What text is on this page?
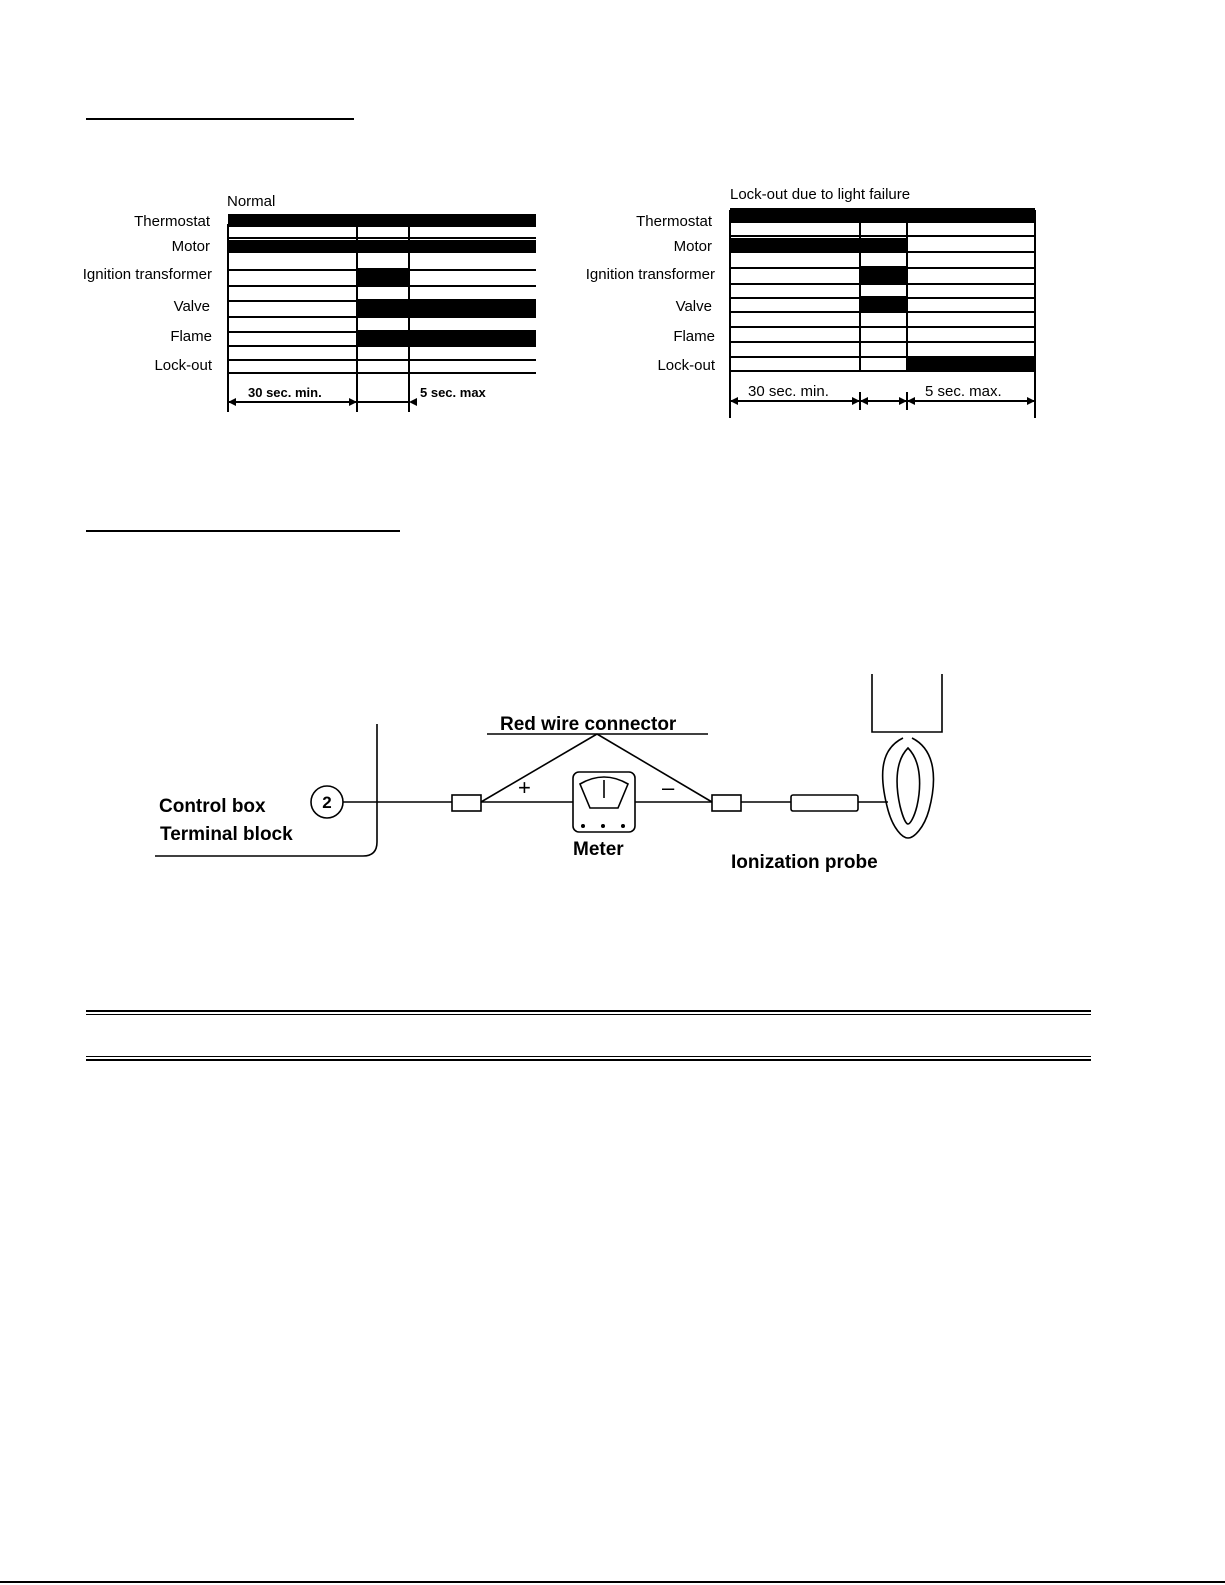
Normal
Thermostat
Motor
Ignition transformer
Valve
Flame
Lock-out
30 sec. min.	5 sec. max
Lock-out due to light failure
Thermostat
Motor
Ignition transformer
Valve
Flame
Lock-out
30 sec. min.	5 sec. max.
Red wire connector
Control box
Terminal block
2
+	–
Meter
Ionization probe
